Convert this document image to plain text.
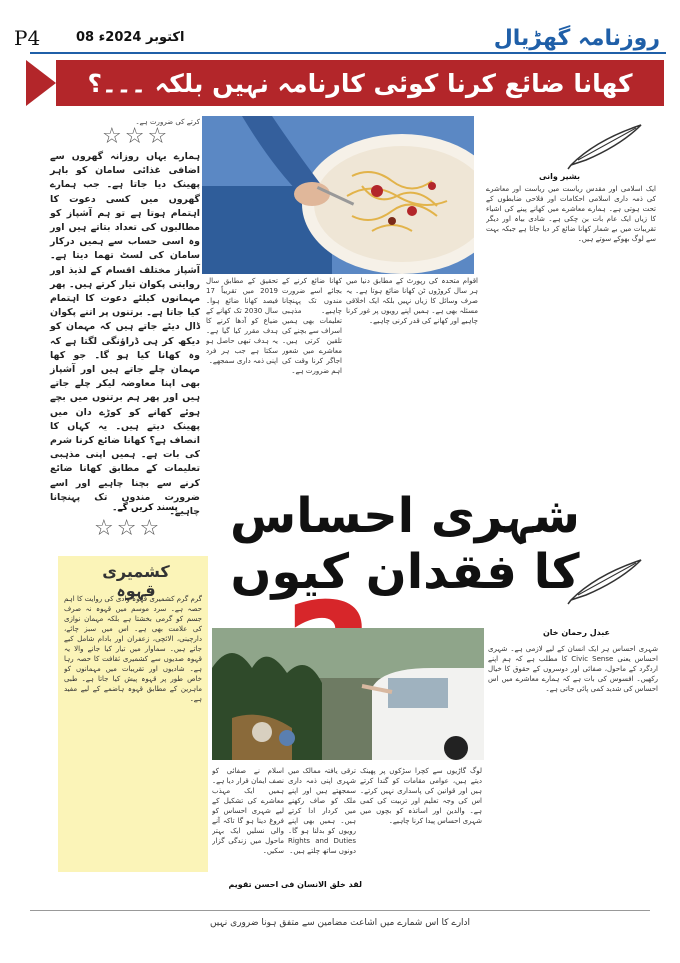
P4	08 اکتوبر 2024ء	روزنامہ گھڑیال
کھانا ضائع کرنا کوئی کارنامہ نہیں بلکہ ۔۔۔؟
کرتے کی ضرورت ہے۔
☆☆☆
ہمارے یہاں روزانہ گھروں سے اضافی غذائی سامان کو باہر پھینک دیا جاتا ہے۔ جب ہمارے گھروں میں کسی دعوت کا اہتمام ہوتا ہے تو ہم آشپاز کو مطالبوں کی تعداد بتاتے ہیں اور وہ اسی حساب سے ہمیں درکار سامان کی لسٹ تھما دیتا ہے۔ آشپاز مختلف اقسام کے لذیذ اور روایتی پکوان تیار کرتے ہیں۔ پھر مہمانوں کیلئے دعوت کا اہتمام کیا جاتا ہے۔ برتنوں پر اتنے پکوان ڈال دیئے جاتے ہیں کہ مہمان کو دیکھ کر ہی ڈراؤنگی لگتا ہے کہ وہ کھانا کیا ہو گا۔ جو کھا مہمان چلے جاتے ہیں اور آشپاز بھی اپنا معاوضہ لیکر چلے جاتے ہیں اور پھر ہم برتنوں میں بچے ہوئے کھانے کو کوڑے دان میں پھینک دیتے ہیں۔ یہ کہاں کا انصاف ہے؟ کھانا ضائع کرنا شرم کی بات ہے۔ ہمیں اپنی مذہبی تعلیمات کے مطابق کھانا ضائع کرنے سے بچنا چاہیے اور اسے ضرورت مندوں تک پہنچانا چاہیے۔
پسند کریں گے۔
☆☆☆
بشیر وانی
ایک اسلامی اور مقدس ریاست میں ریاست اور معاشرے کی ذمہ داری اسلامی احکامات اور فلاحی ضابطوں کے تحت ہوتی ہے۔ ہمارے معاشرے میں کھانے پینے کی اشیاء کا زیاں ایک عام بات بن چکی ہے۔ شادی بیاہ اور دیگر تقریبات میں بے شمار کھانا ضائع کر دیا جاتا ہے جبکہ بہت سے لوگ بھوکے سوتے ہیں۔
اقوام متحدہ کی رپورٹ کے مطابق دنیا میں ہر سال کروڑوں ٹن کھانا ضائع ہوتا ہے۔ یہ صرف وسائل کا زیاں نہیں بلکہ ایک اخلاقی مسئلہ بھی ہے۔ ہمیں اپنے رویوں پر غور کرنا چاہیے اور کھانے کی قدر کرنی چاہیے۔
کھانا ضائع کرنے کے بجائے اسے ضرورت مندوں تک پہنچانا چاہیے۔ مذہبی تعلیمات بھی ہمیں اسراف سے بچنے کی تلقین کرتی ہیں۔ معاشرے میں شعور اجاگر کرنا وقت کی اہم ضرورت ہے۔
تحقیق کے مطابق سال 2019 میں تقریباً 17 فیصد کھانا ضائع ہوا۔ سال 2030 تک کھانے کے ضیاع کو آدھا کرنے کا ہدف مقرر کیا گیا ہے۔ یہ ہدف تبھی حاصل ہو سکتا ہے جب ہر فرد اپنی ذمہ داری سمجھے۔
شہری احساس کا فقدان کیوں
عبدل رحمان خان
شہری احساس ہر ایک انسان کے لیے لازمی ہے۔ شہری احساس یعنی Civic Sense کا مطلب ہے کہ ہم اپنے اردگرد کے ماحول، صفائی اور دوسروں کے حقوق کا خیال رکھیں۔ افسوس کی بات ہے کہ ہمارے معاشرے میں اس احساس کی شدید کمی پائی جاتی ہے۔
لوگ گاڑیوں سے کچرا سڑکوں پر پھینک دیتے ہیں، عوامی مقامات کو گندا کرتے ہیں اور قوانین کی پاسداری نہیں کرتے۔ اس کی وجہ تعلیم اور تربیت کی کمی ہے۔ والدین اور اساتذہ کو بچوں میں شہری احساس پیدا کرنا چاہیے۔
ترقی یافتہ ممالک میں شہری اپنی ذمہ داری سمجھتے ہیں اور اپنے ملک کو صاف رکھنے میں کردار ادا کرتے ہیں۔ ہمیں بھی اپنے رویوں کو بدلنا ہو گا۔ Rights and Duties دونوں ساتھ چلتے ہیں۔
اسلام نے صفائی کو نصف ایمان قرار دیا ہے۔ ہمیں ایک مہذب معاشرے کی تشکیل کے لیے شہری احساس کو فروغ دینا ہو گا تاکہ آنے والی نسلیں ایک بہتر ماحول میں زندگی گزار سکیں۔
لقد خلق الانسان فی احسن تقویم
کشمیری قہوہ
گرم گرم کشمیری قہوہ وادی کی روایت کا اہم حصہ ہے۔ سرد موسم میں قہوہ نہ صرف جسم کو گرمی بخشتا ہے بلکہ مہمان نوازی کی علامت بھی ہے۔ اس میں سبز چائے، دارچینی، الائچی، زعفران اور بادام شامل کیے جاتے ہیں۔ سماوار میں تیار کیا جانے والا یہ قہوہ صدیوں سے کشمیری ثقافت کا حصہ رہا ہے۔ شادیوں اور تقریبات میں مہمانوں کو خاص طور پر قہوہ پیش کیا جاتا ہے۔ طبی ماہرین کے مطابق قہوہ ہاضمے کے لیے مفید ہے۔
ادارے کا اس شمارے میں اشاعت مضامین سے متفق ہونا ضروری نہیں
